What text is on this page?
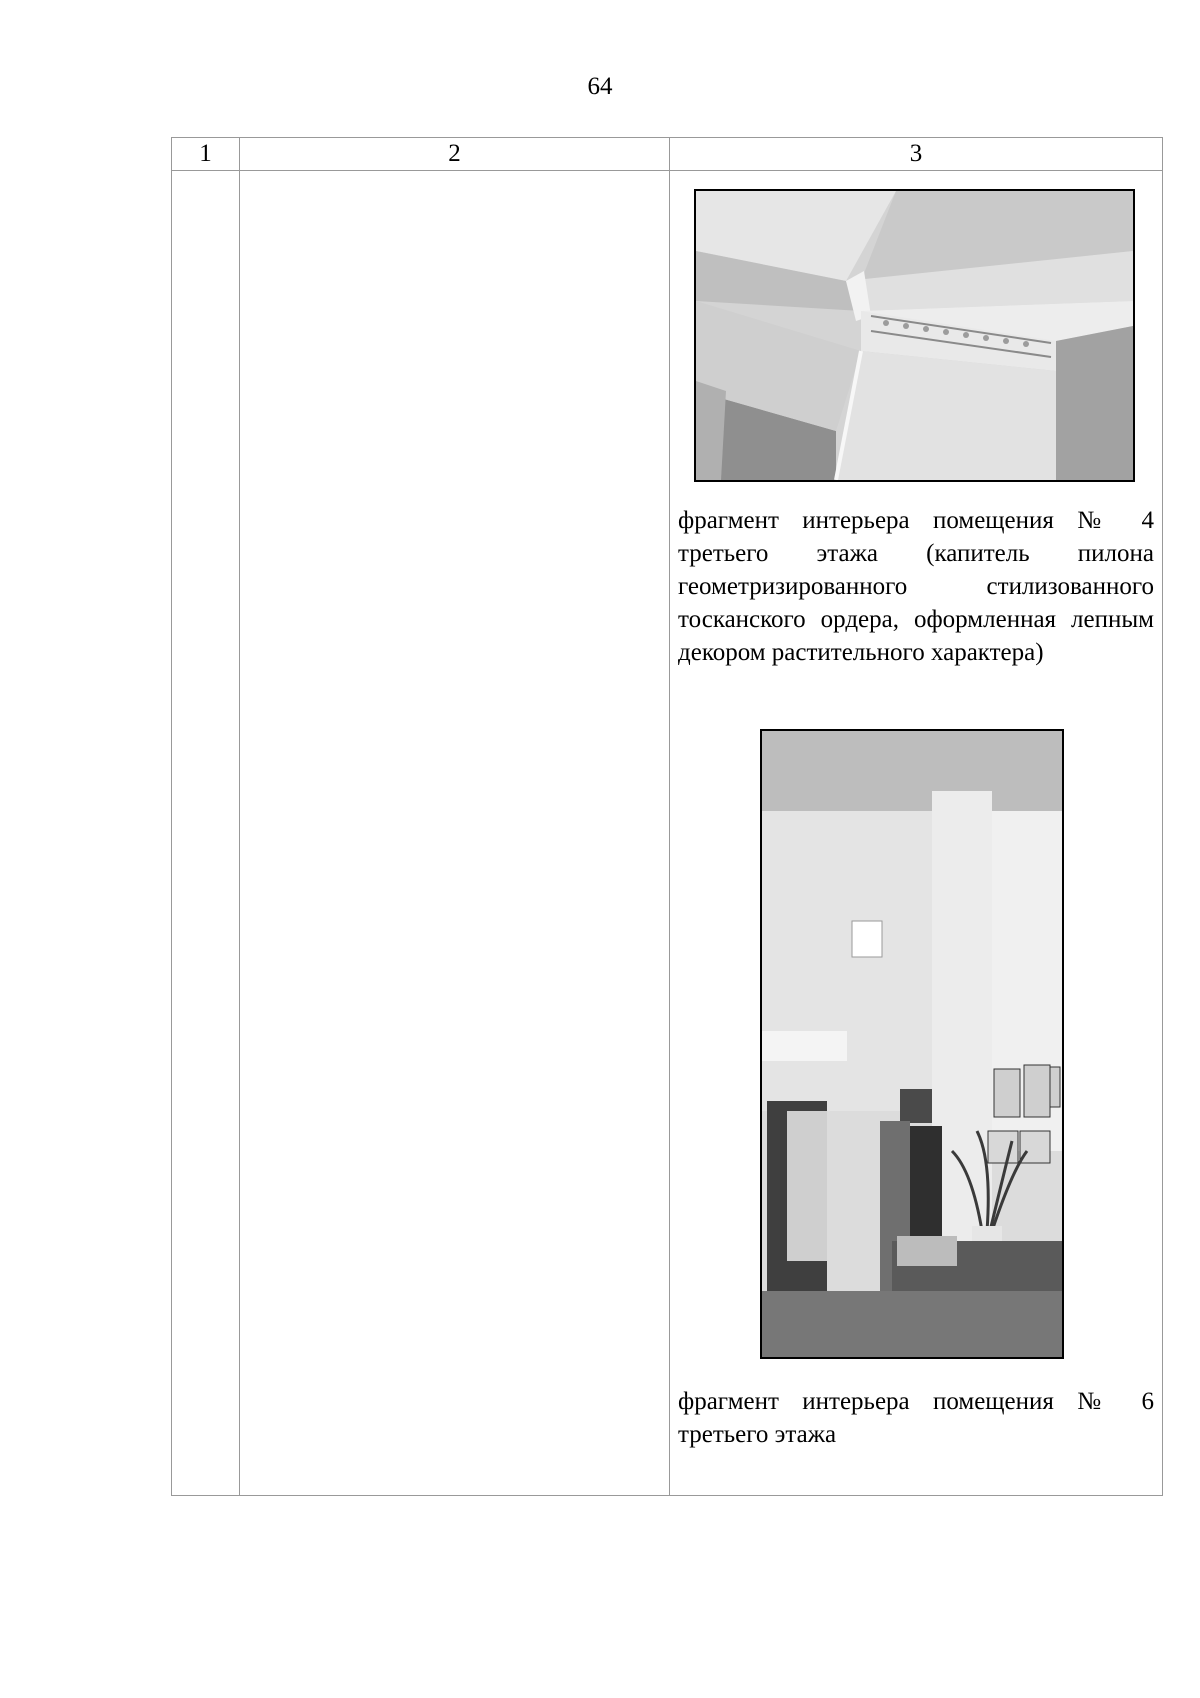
64
1	2	3

		фрагмент интерьера помещения № 4 третьего этажа (капитель пилона геометризированного стилизованного тосканского ордера, оформленная лепным декором растительного характера)
фрагмент интерьера помещения № 6 третьего этажа
